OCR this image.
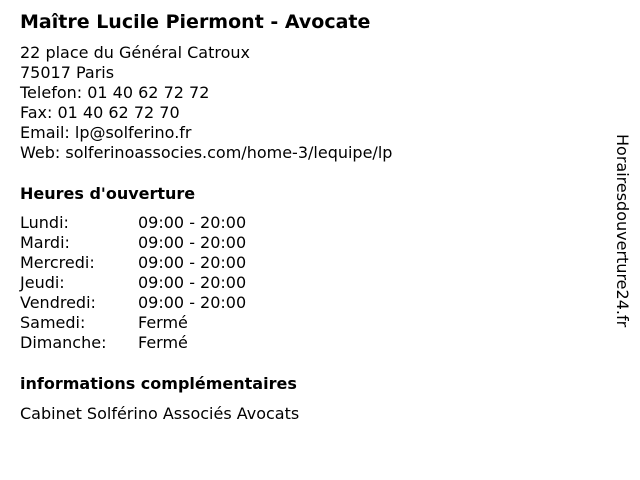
Maître Lucile Piermont - Avocate
22 place du Général Catroux
75017 Paris
Telefon: 01 40 62 72 72
Fax: 01 40 62 72 70
Email: lp@solferino.fr
Web: solferinoassocies.com/home-3/lequipe/lp
Heures d'ouverture
Lundi:	09:00 - 20:00
Mardi:	09:00 - 20:00
Mercredi:	09:00 - 20:00
Jeudi:	09:00 - 20:00
Vendredi:	09:00 - 20:00
Samedi:	Fermé
Dimanche:	Fermé
informations complémentaires
Cabinet Solférino Associés Avocats
Horairesdouverture24.fr
